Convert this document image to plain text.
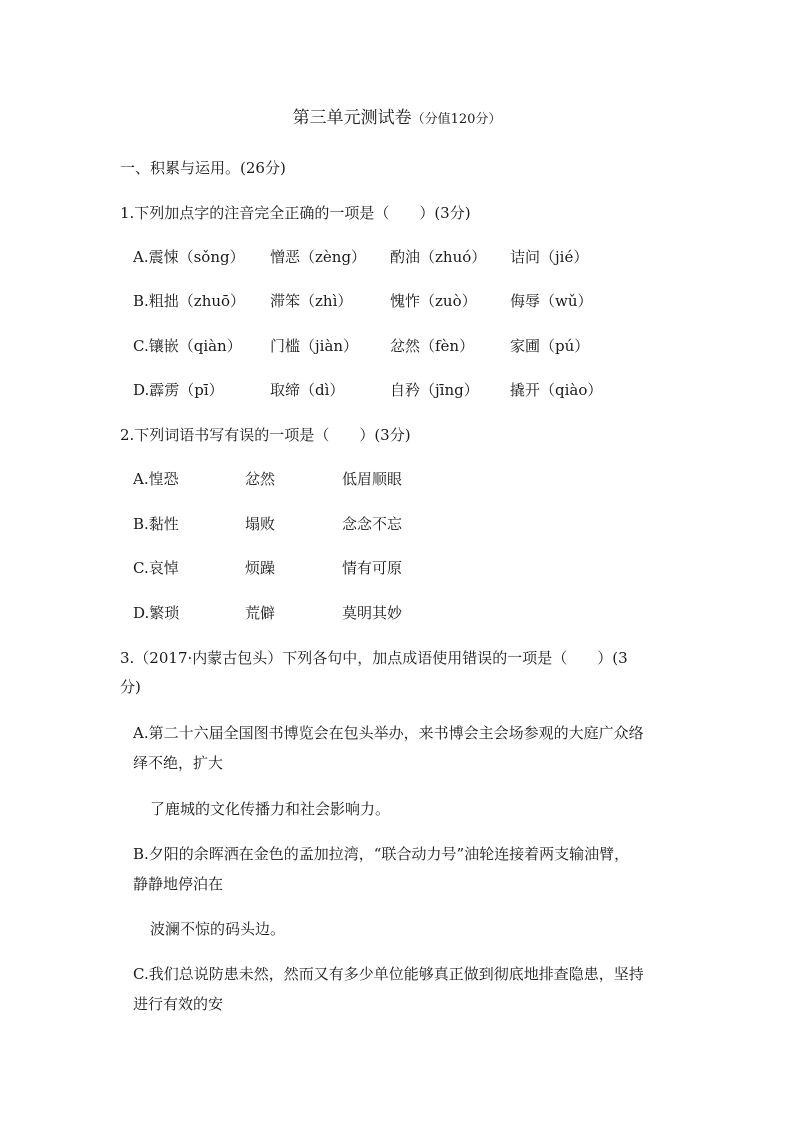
第三单元测试卷（分值120分）
一、积累与运用。(26分)
1.下列加点字的注音完全正确的一项是（　　）(3分)
A.震悚（sǒng） 憎恶（zèng） 酌油（zhuó） 诘问（jié）
B.粗拙（zhuō） 滞笨（zhì）	愧怍（zuò） 侮辱（wǔ）
C.镶嵌（qiàn） 门槛（jiàn） 忿然（fèn） 家圃（pú）
D.霹雳（pī）	取缔（dì）	自矜（jīng） 撬开（qiào）
2.下列词语书写有误的一项是（　　）(3分)
A.惶恐	忿然	低眉顺眼
B.黏性	塌败	念念不忘
C.哀悼	烦躁	情有可原
D.繁琐	荒僻	莫明其妙
3.（2017·内蒙古包头）下列各句中，加点成语使用错误的一项是（　　）(3
分)
A.第二十六届全国图书博览会在包头举办，来书博会主会场参观的大庭广众络
绎不绝，扩大
了鹿城的文化传播力和社会影响力。
B.夕阳的余晖洒在金色的孟加拉湾，“联合动力号”油轮连接着两支输油臂，
静静地停泊在
波澜不惊的码头边。
C.我们总说防患未然，然而又有多少单位能够真正做到彻底地排查隐患，坚持
进行有效的安
